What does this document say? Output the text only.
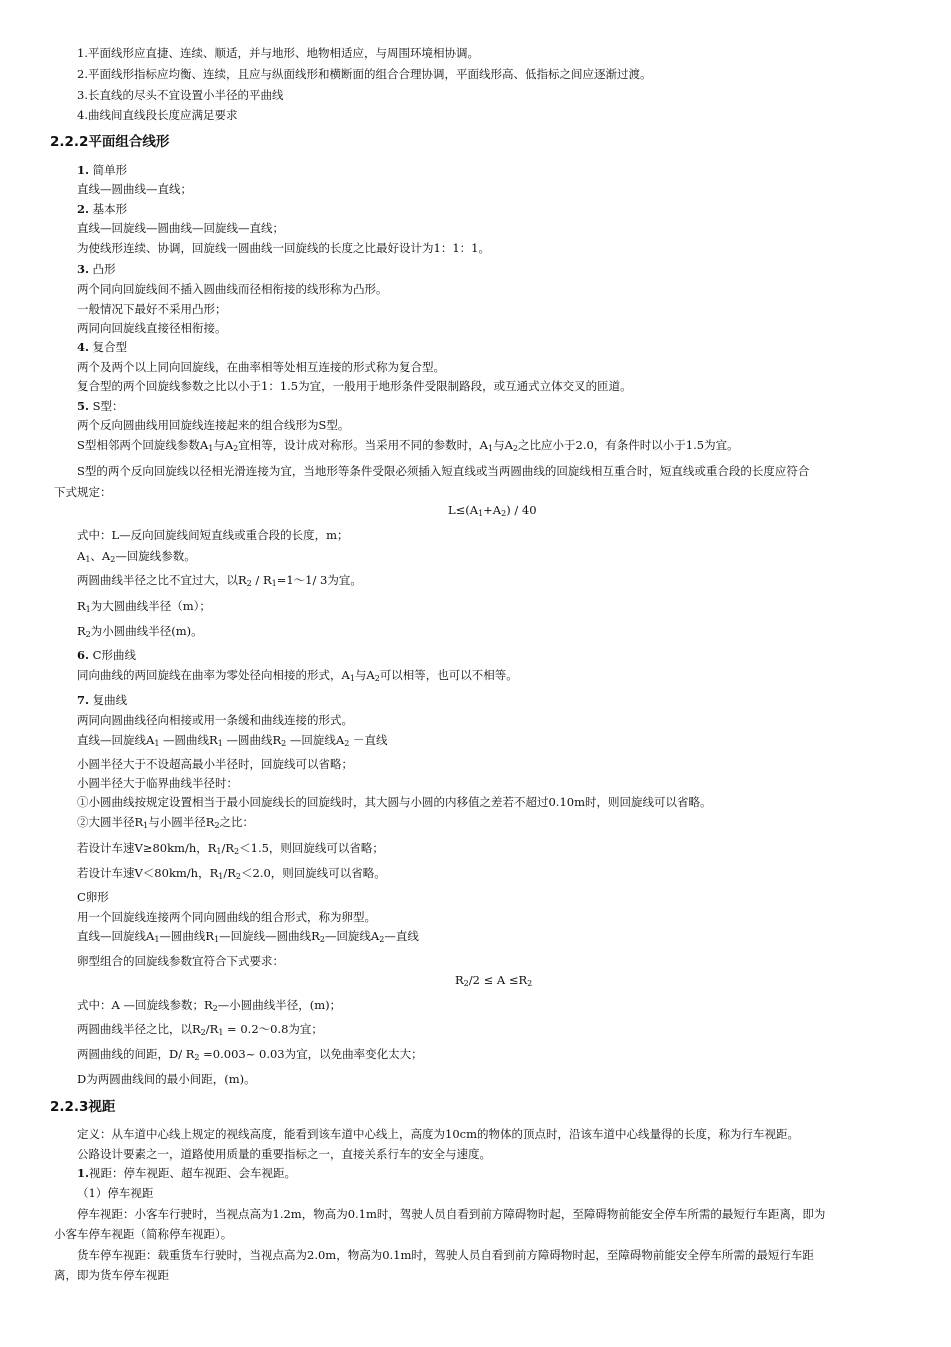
1.平面线形应直捷、连续、顺适，并与地形、地物相适应，与周围环境相协调。
2.平面线形指标应均衡、连续，且应与纵面线形和横断面的组合合理协调，平面线形高、低指标之间应逐渐过渡。
3.长直线的尽头不宜设置小半径的平曲线
4.曲线间直线段长度应满足要求
2.2.2平面组合线形
1. 简单形
直线—圆曲线—直线；
2. 基本形
直线—回旋线—圆曲线—回旋线—直线；
为使线形连续、协调，回旋线一圆曲线一回旋线的长度之比最好设计为1：1：1。
3. 凸形
两个同向回旋线间不插入圆曲线而径相衔接的线形称为凸形。
一般情况下最好不采用凸形；
两同向回旋线直接径相衔接。
4. 复合型
两个及两个以上同向回旋线，在曲率相等处相互连接的形式称为复合型。
复合型的两个回旋线参数之比以小于1：1.5为宜，一般用于地形条件受限制路段，或互通式立体交叉的匝道。
5. S型：
两个反向圆曲线用回旋线连接起来的组合线形为S型。
S型相邻两个回旋线参数$A_1$与$A_2$宜相等，设计成对称形。当采用不同的参数时，$A_1$与$A_2$之比应小于2.0，有条件时以小于1.5为宜。
S型的两个反向回旋线以径相光滑连接为宜，当地形等条件受限必须插入短直线或当两圆曲线的回旋线相互重合时，短直线或重合段的长度应符合
下式规定：
$L\le(A_1+A_2) / 40$
式中：L—反向回旋线间短直线或重合段的长度，m；
$A_1$、$A_2—$回旋线参数。
两圆曲线半径之比不宜过大，以$R_2$ / $R_1=1\sim 1/$ 3为宜。
$R_1$为大圆曲线半径（m）；
$R_2$为小圆曲线半径(m)。
6. C形曲线
同向曲线的两回旋线在曲率为零处径向相接的形式，$A_1$与$A_2$可以相等，也可以不相等。
7. 复曲线
两同向圆曲线径向相接或用一条缓和曲线连接的形式。
直线—回旋线$A_1$ —圆曲线$R_1$ —圆曲线$R_2$ —回旋线$A_2$ －直线
小圆半径大于不设超高最小半径时，回旋线可以省略；
小圆半径大于临界曲线半径时：
①小圆曲线按规定设置相当于最小回旋线长的回旋线时，其大圆与小圆的内移值之差若不超过0.10m时，则回旋线可以省略。
②大圆半径$R_1$与小圆半径$R_2$之比：
若设计车速V≥80km/h，$R_1/R_2<1.5$，则回旋线可以省略；
若设计车速V＜80km/h，$R_1/R_2<2.0$，则回旋线可以省略。
C卵形
用一个回旋线连接两个同向圆曲线的组合形式，称为卵型。
直线—回旋线$A_1—$圆曲线$R_1—$回旋线—圆曲线$R_2—$回旋线$A_2—$直线
卵型组合的回旋线参数宜符合下式要求：
$R_2/2 \le A \le R_2$
式中：A —回旋线参数；$R_2—$小圆曲线半径，(m)；
两圆曲线半径之比，以$R_2/R_1$ = 0.2～0.8为宜；
两圆曲线的间距，D/ $R_2$ =0.003~ 0.03为宜，以免曲率变化太大；
D为两圆曲线间的最小间距，(m)。
2.2.3视距
定义：从车道中心线上规定的视线高度，能看到该车道中心线上，高度为10cm的物体的顶点时，沿该车道中心线量得的长度，称为行车视距。
公路设计要素之一，道路使用质量的重要指标之一，直接关系行车的安全与速度。
1.视距：停车视距、超车视距、会车视距。
（1）停车视距
停车视距：小客车行驶时，当视点高为1.2m，物高为0.1m时，驾驶人员自看到前方障碍物时起，至障碍物前能安全停车所需的最短行车距离，即为
小客车停车视距（简称停车视距）。
货车停车视距：载重货车行驶时，当视点高为2.0m，物高为0.1m时，驾驶人员自看到前方障碍物时起，至障碍物前能安全停车所需的最短行车距
离，即为货车停车视距
